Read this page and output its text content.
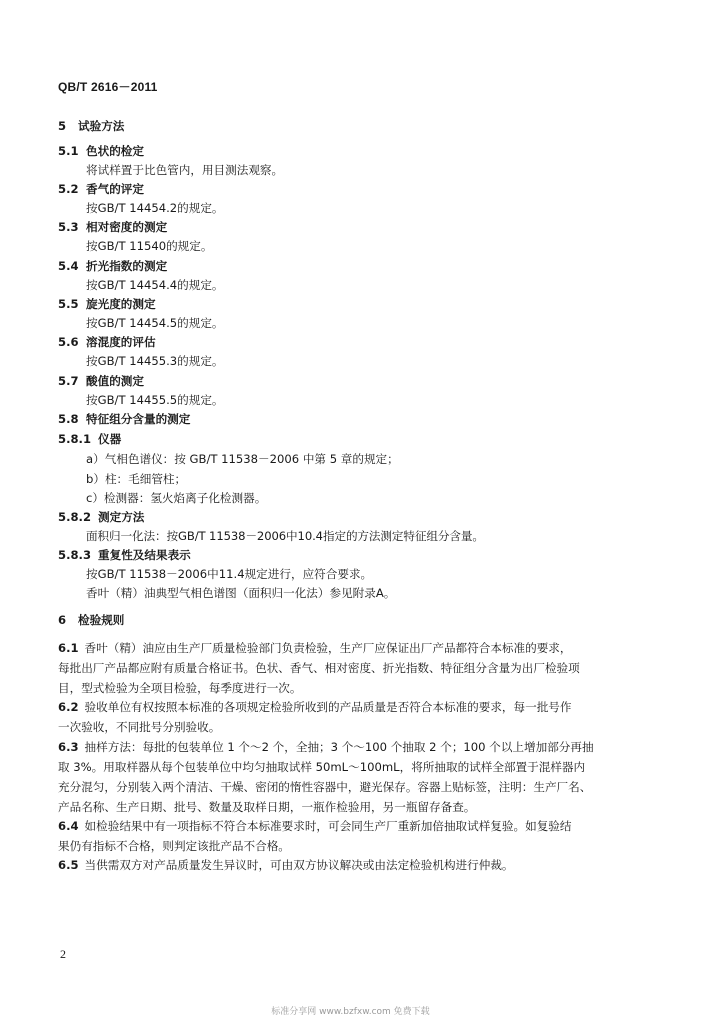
QB/T 2616－2011
5 试验方法
5.1 色状的检定
将试样置于比色管内，用目测法观察。
5.2 香气的评定
按GB/T 14454.2的规定。
5.3 相对密度的测定
按GB/T 11540的规定。
5.4 折光指数的测定
按GB/T 14454.4的规定。
5.5 旋光度的测定
按GB/T 14454.5的规定。
5.6 溶混度的评估
按GB/T 14455.3的规定。
5.7 酸值的测定
按GB/T 14455.5的规定。
5.8 特征组分含量的测定
5.8.1 仪器
a）气相色谱仪：按 GB/T 11538－2006 中第 5 章的规定；
b）柱：毛细管柱；
c）检测器：氢火焰离子化检测器。
5.8.2 测定方法
面积归一化法：按GB/T 11538－2006中10.4指定的方法测定特征组分含量。
5.8.3 重复性及结果表示
按GB/T 11538－2006中11.4规定进行，应符合要求。
香叶（精）油典型气相色谱图（面积归一化法）参见附录A。
6 检验规则
6.1 香叶（精）油应由生产厂质量检验部门负责检验，生产厂应保证出厂产品都符合本标准的要求，
每批出厂产品都应附有质量合格证书。色状、香气、相对密度、折光指数、特征组分含量为出厂检验项
目，型式检验为全项目检验，每季度进行一次。
6.2 验收单位有权按照本标准的各项规定检验所收到的产品质量是否符合本标准的要求，每一批号作
一次验收，不同批号分别验收。
6.3 抽样方法：每批的包装单位 1 个～2 个，全抽；3 个～100 个抽取 2 个；100 个以上增加部分再抽
取 3%。用取样器从每个包装单位中均匀抽取试样 50mL～100mL，将所抽取的试样全部置于混样器内
充分混匀，分别装入两个清洁、干燥、密闭的惰性容器中，避光保存。容器上贴标签，注明：生产厂名、
产品名称、生产日期、批号、数量及取样日期，一瓶作检验用，另一瓶留存备查。
6.4 如检验结果中有一项指标不符合本标准要求时，可会同生产厂重新加倍抽取试样复验。如复验结
果仍有指标不合格，则判定该批产品不合格。
6.5 当供需双方对产品质量发生异议时，可由双方协议解决或由法定检验机构进行仲裁。
2
标准分享网 www.bzfxw.com 免费下载
